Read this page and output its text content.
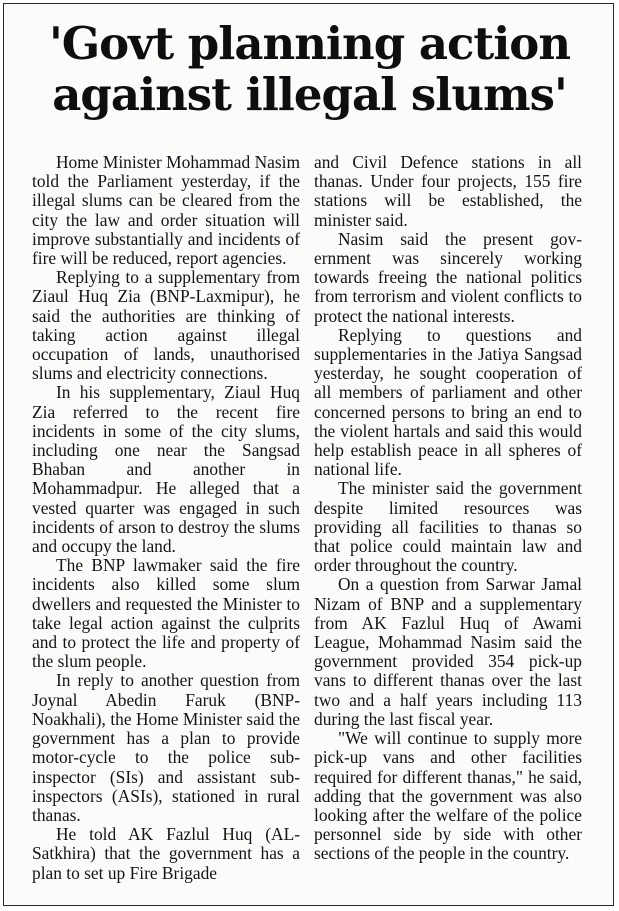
'Govt planning action
against illegal slums'

Home Minister Mohammad Nasim told the Parliament yesterday, if the illegal slums can be cleared from the city the law and order situation will improve substantially and incidents of fire will be reduced, report agencies.

Replying to a supplementary from Ziaul Huq Zia (BNP-Laxmipur), he said the authorities are thinking of taking action against illegal occupation of lands, unauthorised slums and electricity connections.

In his supplementary, Ziaul Huq Zia referred to the recent fire incidents in some of the city slums, including one near the Sangsad Bhaban and another in Mohammadpur. He alleged that a vested quarter was engaged in such incidents of arson to destroy the slums and occupy the land.

The BNP lawmaker said the fire incidents also killed some slum dwellers and requested the Minister to take legal action against the culprits and to protect the life and property of the slum people.

In reply to another question from Joynal Abedin Faruk (BNP-Noakhali), the Home Minister said the government has a plan to provide motor-cycle to the police sub-inspector (SIs) and assistant sub-inspectors (ASIs), stationed in rural thanas.

He told AK Fazlul Huq (AL-Satkhira) that the government has a plan to set up Fire Brigade

and Civil Defence stations in all thanas. Under four projects, 155 fire stations will be established, the minister said.

Nasim said the present government was sincerely working towards freeing the national politics from terrorism and violent conflicts to protect the national interests.

Replying to questions and supplementaries in the Jatiya Sangsad yesterday, he sought cooperation of all members of parliament and other concerned persons to bring an end to the violent hartals and said this would help establish peace in all spheres of national life.

The minister said the government despite limited resources was providing all facilities to thanas so that police could maintain law and order throughout the country.

On a question from Sarwar Jamal Nizam of BNP and a supplementary from AK Fazlul Huq of Awami League, Mohammad Nasim said the government provided 354 pick-up vans to different thanas over the last two and a half years including 113 during the last fiscal year.

"We will continue to supply more pick-up vans and other facilities required for different thanas," he said, adding that the government was also looking after the welfare of the police personnel side by side with other sections of the people in the country.
